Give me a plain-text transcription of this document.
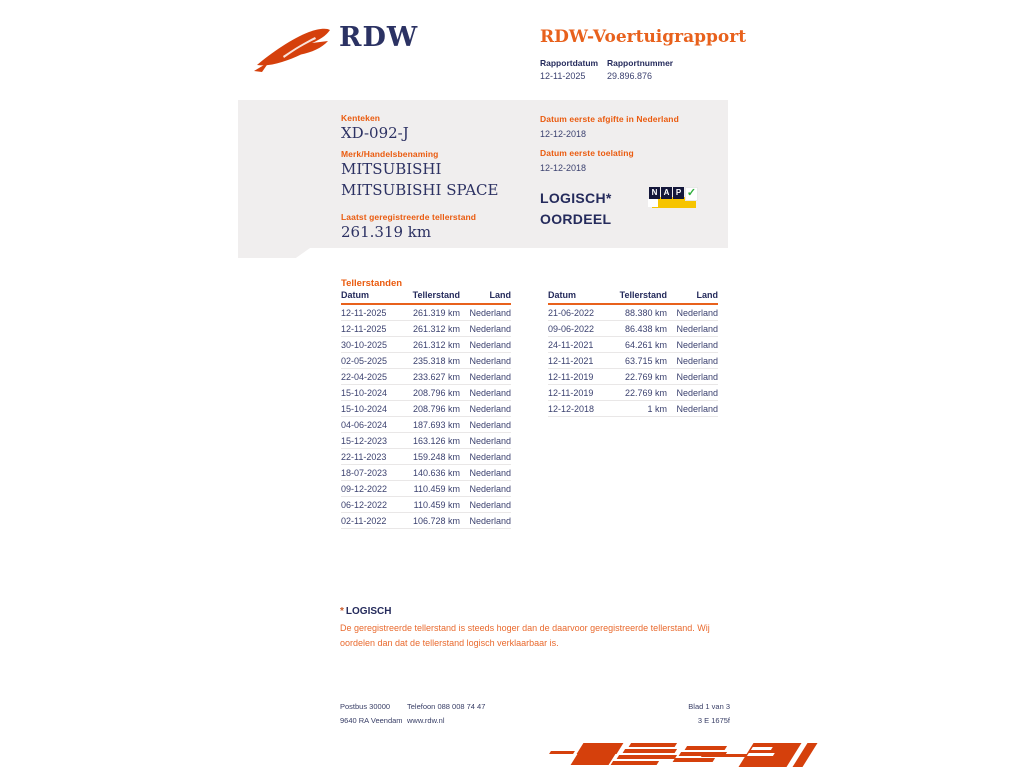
RDW	RDW-Voertuigrapport
Rapportdatum
12-11-2025
Rapportnummer
29.896.876
Kenteken
XD-092-J
Merk/Handelsbenaming
MITSUBISHI
MITSUBISHI SPACE
Laatst geregistreerde tellerstand
261.319 km
Datum eerste afgifte in Nederland
12-12-2018
Datum eerste toelating
12-12-2018
LOGISCH*
OORDEEL
N A P ✓
Tellerstanden
Datum	Tellerstand	Land
12-11-2025	261.319 km	Nederland
12-11-2025	261.312 km	Nederland
30-10-2025	261.312 km	Nederland
02-05-2025	235.318 km	Nederland
22-04-2025	233.627 km	Nederland
15-10-2024	208.796 km	Nederland
15-10-2024	208.796 km	Nederland
04-06-2024	187.693 km	Nederland
15-12-2023	163.126 km	Nederland
22-11-2023	159.248 km	Nederland
18-07-2023	140.636 km	Nederland
09-12-2022	110.459 km	Nederland
06-12-2022	110.459 km	Nederland
02-11-2022	106.728 km	Nederland
Datum	Tellerstand	Land
21-06-2022	88.380 km	Nederland
09-06-2022	86.438 km	Nederland
24-11-2021	64.261 km	Nederland
12-11-2021	63.715 km	Nederland
12-11-2019	22.769 km	Nederland
12-11-2019	22.769 km	Nederland
12-12-2018	1 km	Nederland
* LOGISCH
De geregistreerde tellerstand is steeds hoger dan de daarvoor geregistreerde tellerstand. Wij oordelen dan dat de tellerstand logisch verklaarbaar is.
Postbus 30000
9640 RA Veendam
Telefoon 088 008 74 47
www.rdw.nl
Blad 1 van 3
3 E 1675f
